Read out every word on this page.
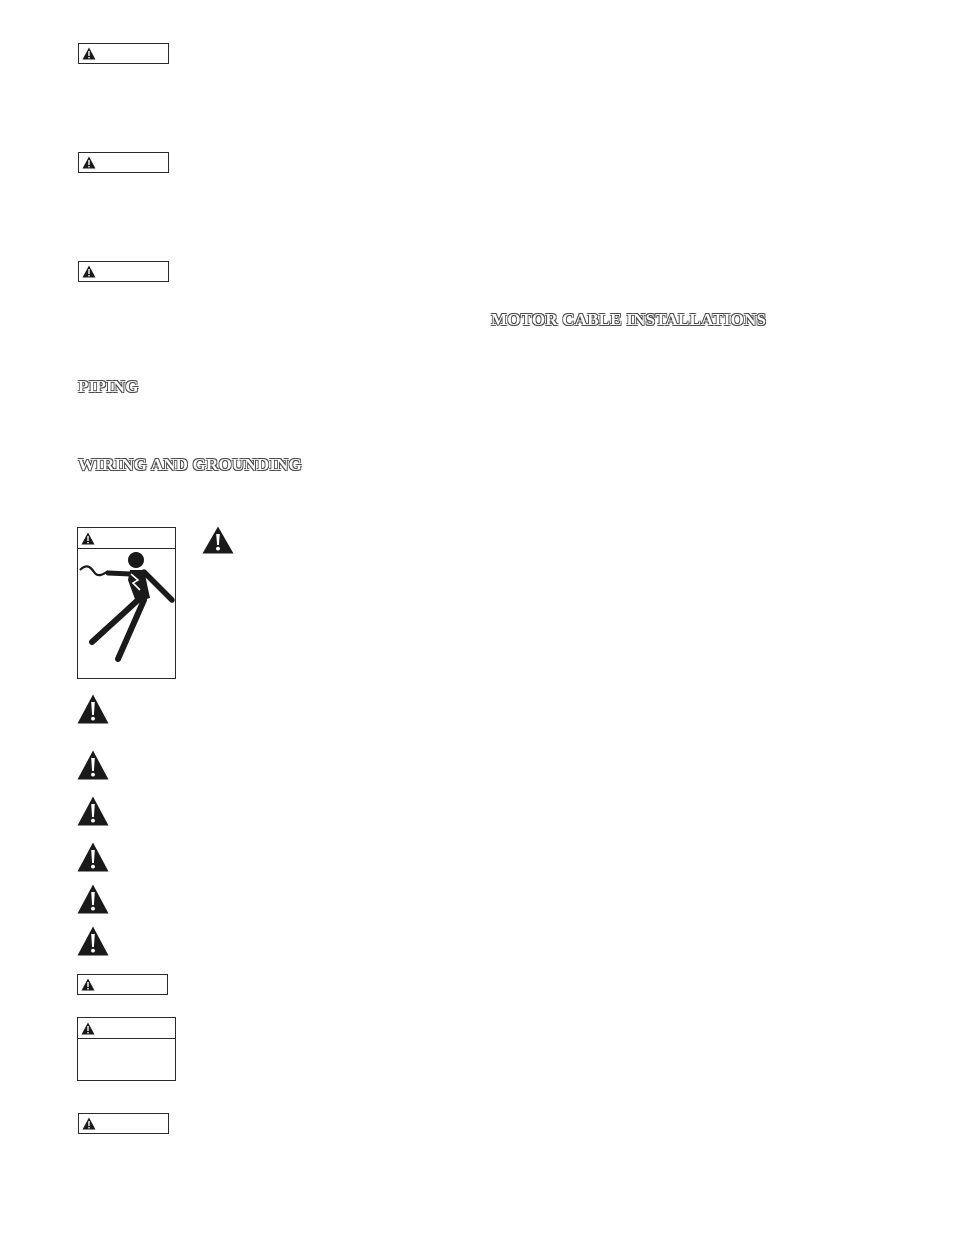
MOTOR CABLE INSTALLATIONS
PIPING
WIRING AND GROUNDING
